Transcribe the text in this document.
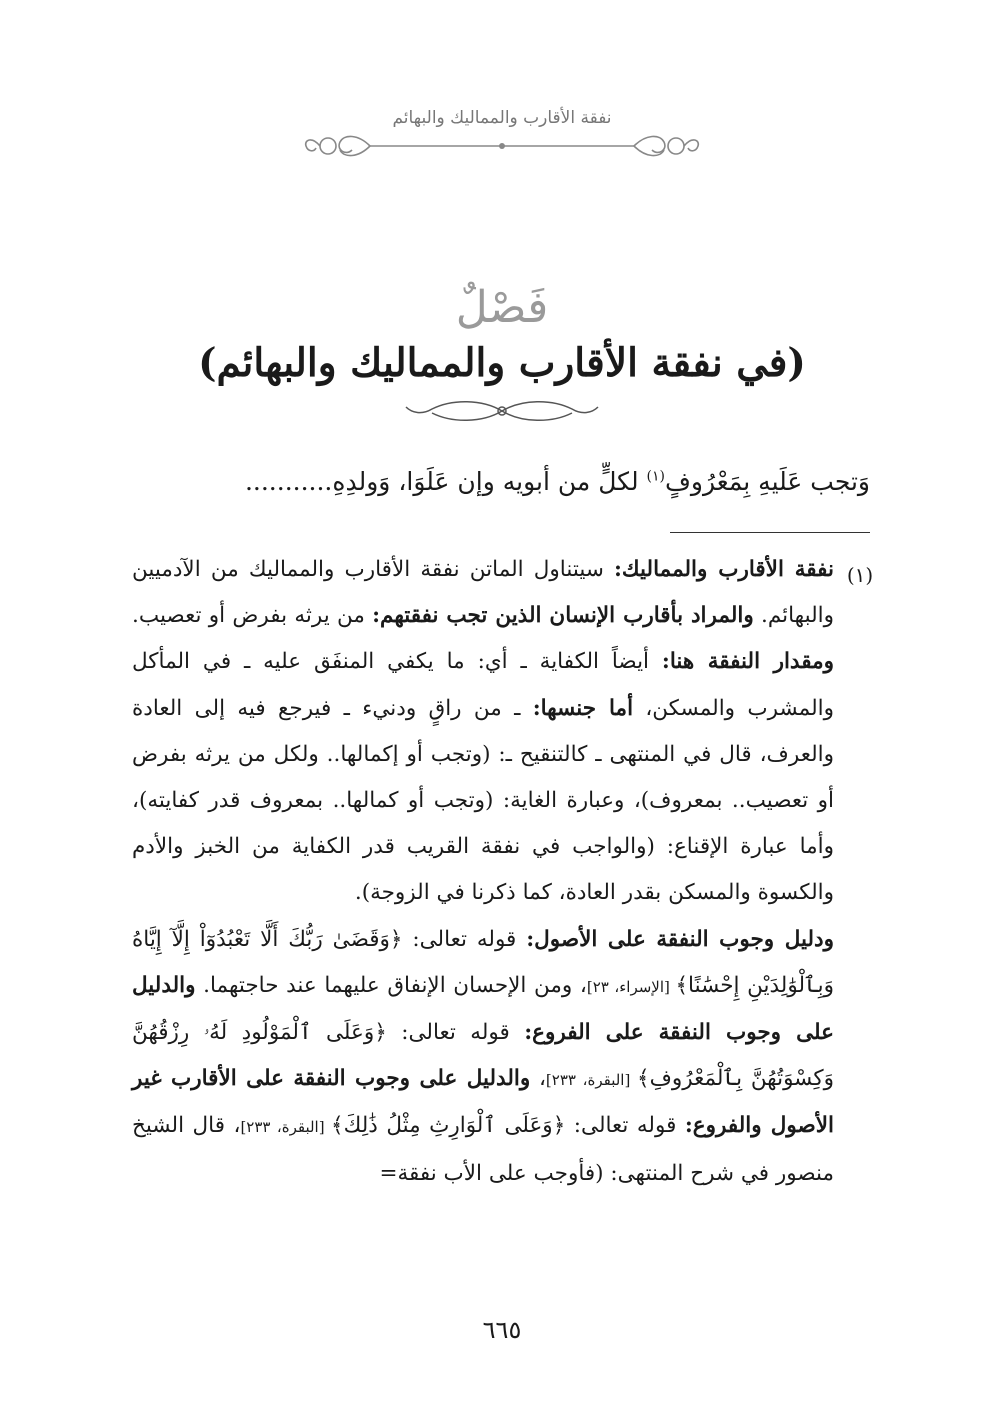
نفقة الأقارب والمماليك والبهائم
فَصْلٌ
(في نفقة الأقارب والمماليك والبهائم)
وَتجب عَلَيهِ بِمَعْرُوفٍ$^{(١)}$ لكلٍّ من أبويه وإن عَلَوَا، وَولدِهِ...........
(١)

نفقة الأقارب والمماليك: سيتناول الماتن نفقة الأقارب والمماليك من الآدميين والبهائم. والمراد بأقارب الإنسان الذين تجب نفقتهم: من يرثه بفرض أو تعصيب. ومقدار النفقة هنا: أيضاً الكفاية ـ أي: ما يكفي المنفَق عليه ـ في المأكل والمشرب والمسكن، أما جنسها: ـ من راقٍ ودنيء ـ فيرجع فيه إلى العادة والعرف، قال في المنتهى ـ كالتنقيح ـ: (وتجب أو إكمالها.. ولكل من يرثه بفرض أو تعصيب.. بمعروف)، وعبارة الغاية: (وتجب أو كمالها.. بمعروف قدر كفايته)، وأما عبارة الإقناع: (والواجب في نفقة القريب قدر الكفاية من الخبز والأدم والكسوة والمسكن بقدر العادة، كما ذكرنا في الزوجة).

ودليل وجوب النفقة على الأصول: قوله تعالى: ﴿وَقَضَىٰ رَبُّكَ أَلَّا تَعْبُدُوٓاْ إِلَّآ إِيَّاهُ وَبِٱلْوَٰلِدَيْنِ إِحْسَٰنًا﴾ [الإسراء، ٢٣]، ومن الإحسان الإنفاق عليهما عند حاجتهما. والدليل على وجوب النفقة على الفروع: قوله تعالى: ﴿وَعَلَى ٱلْمَوْلُودِ لَهُۥ رِزْقُهُنَّ وَكِسْوَتُهُنَّ بِٱلْمَعْرُوفِ﴾ [البقرة، ٢٣٣]، والدليل على وجوب النفقة على الأقارب غير الأصول والفروع: قوله تعالى: ﴿وَعَلَى ٱلْوَارِثِ مِثْلُ ذَٰلِكَ﴾ [البقرة، ٢٣٣]، قال الشيخ منصور في شرح المنتهى: (فأوجب على الأب نفقة=

٦٦٥
